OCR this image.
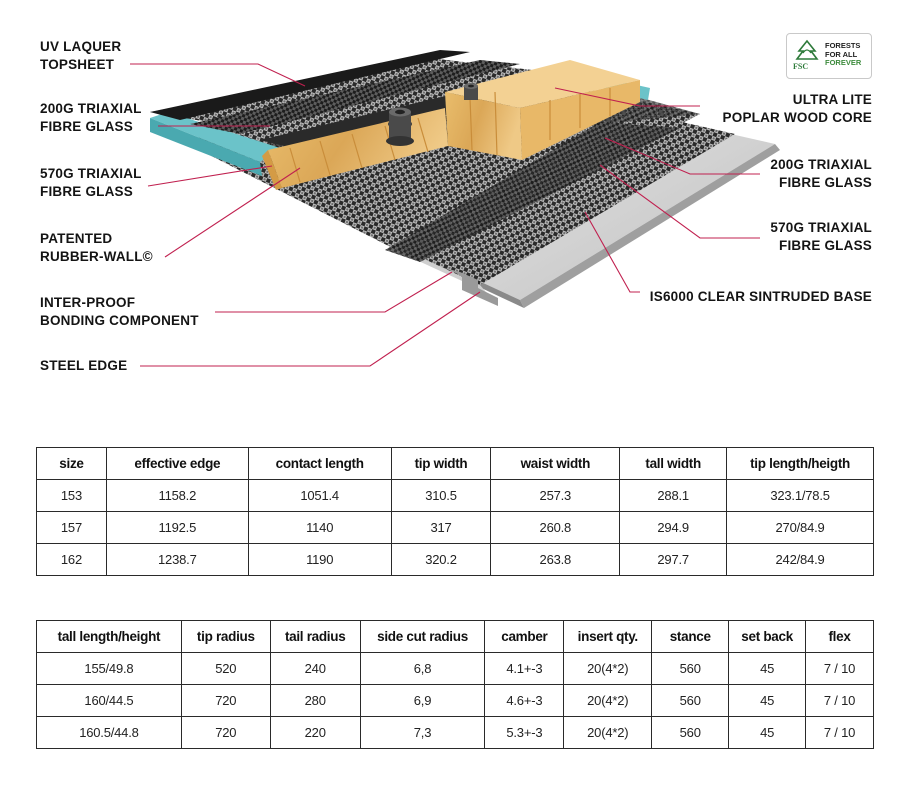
UV LAQUER
TOPSHEET
200G TRIAXIAL
FIBRE GLASS
570G TRIAXIAL
FIBRE GLASS
PATENTED
RUBBER-WALL©
INTER-PROOF
BONDING COMPONENT
STEEL EDGE
ULTRA LITE
POPLAR WOOD CORE
200G TRIAXIAL
FIBRE GLASS
570G TRIAXIAL
FIBRE GLASS
IS6000 CLEAR SINTRUDED BASE
FSC
FORESTS
FOR ALL
FOREVER
size	effective edge	contact length	tip width	waist width	tall width	tip length/heigth
153	1158.2	1051.4	310.5	257.3	288.1	323.1/78.5
157	1192.5	1140	317	260.8	294.9	270/84.9
162	1238.7	1190	320.2	263.8	297.7	242/84.9
tall length/height	tip radius	tail radius	side cut radius	camber	insert qty.	stance	set back	flex
155/49.8	520	240	6,8	4.1+-3	20(4*2)	560	45	7 / 10
160/44.5	720	280	6,9	4.6+-3	20(4*2)	560	45	7 / 10
160.5/44.8	720	220	7,3	5.3+-3	20(4*2)	560	45	7 / 10
